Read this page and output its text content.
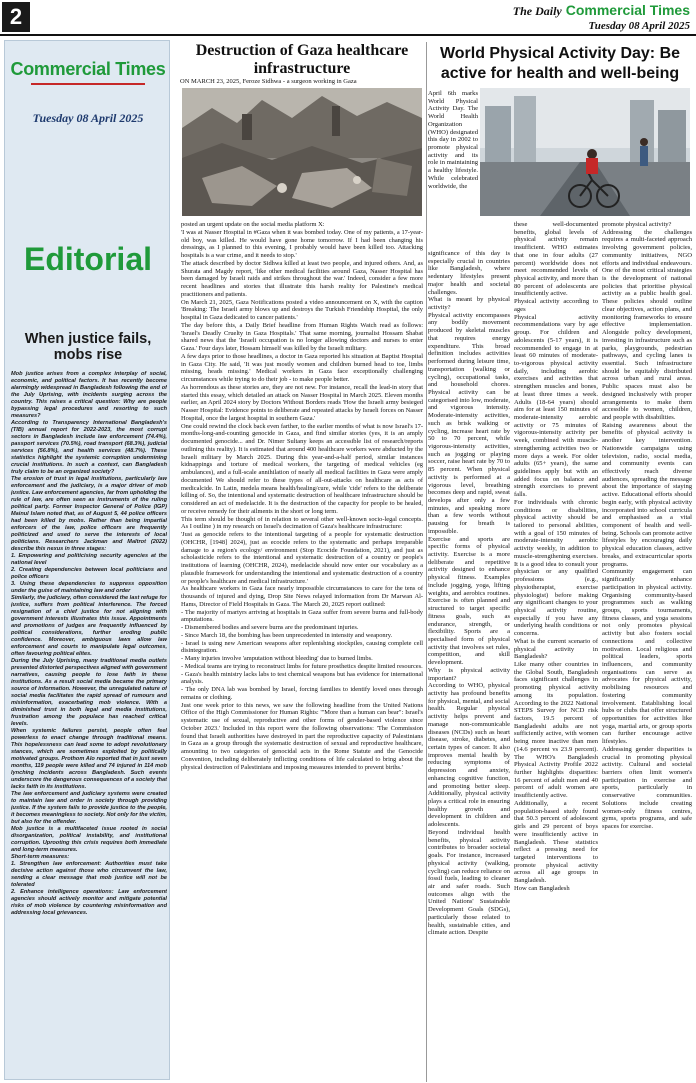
2	The Daily Commercial Times
Tuesday 08 April 2025
Commercial Times
Tuesday 08 April 2025
Editorial
When justice fails, mobs rise

Mob justice arises from a complex interplay of social, economic, and political factors. It has recently become alarmingly widespread in Bangladesh following the end of the July Uprising, with incidents surging across the country. This raises a critical question: Why are people bypassing legal procedures and resorting to such measures?

According to Transparency International Bangladesh's (TIB) annual report for 2022-2023, the most corrupt sectors in Bangladesh include law enforcement (74.4%), passport services (70.5%), road transport (68.3%), judicial services (56.8%), and health services (48.7%). These statistics highlight the systemic corruption undermining crucial institutions. In such a context, can Bangladesh truly claim to be an organized society?

The erosion of trust in legal institutions, particularly law enforcement and the judiciary, is a major driver of mob justice. Law enforcement agencies, far from upholding the rule of law, are often seen as instruments of the ruling political party. Former Inspector General of Police (IGP) Mainul Islam noted that, as of August 5, 44 police officers had been killed by mobs. Rather than being impartial enforcers of the law, police officers are frequently politicized and used to serve the interests of local politicians. Researchers Jackman and Maltrot (2022) describe this nexus in three stages:

1. Empowering and politicising security agencies at the national level

2. Creating dependencies between local politicians and police officers

3. Using these dependencies to suppress opposition under the guise of maintaining law and order

Similarly, the judiciary, often considered the last refuge for justice, suffers from political interference. The forced resignation of a chief justice for not aligning with government interests illustrates this issue. Appointments and promotions of judges are frequently influenced by political considerations, further eroding public confidence. Moreover, ambiguous laws allow law enforcement and courts to manipulate legal outcomes, often favouring political elites.

During the July Uprising, many traditional media outlets presented distorted perspectives aligned with government narratives, causing people to lose faith in these institutions. As a result social media became the primary source of information. However, the unregulated nature of social media facilitates the rapid spread of rumours and misinformation, exacerbating mob violence. With a diminished trust in both legal and media institutions, frustration among the populace has reached critical levels.

When systemic failures persist, people often feel powerless to enact change through traditional means. This hopelessness can lead some to adopt revolutionary stances, which are sometimes exploited by politically motivated groups. Prothom Alo reported that in just seven months, 119 people were killed and 74 injured in 114 mob lynching incidents across Bangladesh. Such events underscore the dangerous consequences of a society that lacks faith in its institutions.

The law enforcement and judiciary systems were created to maintain law and order in society through providing justice. If the system fails to provide justice to the people, it becomes meaningless to society. Not only for the victim, but also for the offender.

Mob justice is a multifaceted issue rooted in social disorganization, political instability, and institutional corruption. Uprooting this crisis requires both immediate and long-term measures.

Short-term measures:

1. Strengthen law enforcement: Authorities must take decisive action against those who circumvent the law, sending a clear message that mob justice will not be tolerated

2. Enhance intelligence operations: Law enforcement agencies should actively monitor and mitigate potential risks of mob violence by countering misinformation and addressing local grievances.

Destruction of Gaza healthcare infrastructure
ON MARCH 23, 2025, Feroze Sidhwa - a surgeon working in Gaza

posted an urgent update on the social media platform X:

'I was at Nasser Hospital in #Gaza when it was bombed today. One of my patients, a 17-year-old boy, was killed. He would have gone home tomorrow. If I had been changing his dressings, as I planned to this evening, I probably would have been killed too. Attacking hospitals is a war crime, and it needs to stop.'

The attack described by doctor Sidhwa killed at least two people, and injured others. And, as Shurata and Magdy report, 'like other medical facilities around Gaza, Nasser Hospital has been damaged by Israeli raids and strikes throughout the war.' Indeed, consider a few more recent headlines and stories that illustrate this harsh reality for Palestine's medical practitioners and patients.

On March 21, 2025, Gaza Notifications posted a video announcement on X, with the caption 'Breaking: The Israeli army blows up and destroys the Turkish Friendship Hospital, the only hospital in Gaza dedicated to cancer patients.'

The day before this, a Daily Brief headline from Human Rights Watch read as follows: 'Israel's Deadly Cruelty in Gaza Hospitals.' That same morning, journalist Hossam Shabat shared news that the 'Israeli occupation is no longer allowing doctors and nurses to enter Gaza.' Four days later, Hossam himself was killed by the Israeli military.

A few days prior to those headlines, a doctor in Gaza reported his situation at Baptist Hospital in Gaza City. He said, 'It was just mostly women and children burned head to toe, limbs missing, heads missing.' Medical workers in Gaza face exceptionally challenging circumstances while trying to do their job - to make people better.

As horrendous as these stories are, they are not new. For instance, recall the lead-in story that started this essay, which detailed an attack on Nasser Hospital in March 2025. Eleven months earlier, an April 2024 story by Doctors Without Borders reads 'How the Israeli army besieged Nasser Hospital: Evidence points to deliberate and repeated attacks by Israeli forces on Nasser Hospital, once the largest hospital in southern Gaza.'

One could rewind the clock back even farther, to the earlier months of what is now Israel's 17-months-long-and-counting genocide in Gaza, and find similar stories (yes, it is an amply documented genocide... and Dr. Nimer Sultany keeps an accessible list of research/reports outlining this reality). It is estimated that around 400 healthcare workers were abducted by the Israeli military by March 2025. During this year-and-a-half period, similar instances kidnappings and torture of medical workers, the targeting of medical vehicles (eg ambulances), and a full-scale annihilation of nearly all medical facilities in Gaza were amply documented We should refer to these types of all-out-attacks on healthcare as acts of medicalcide. In Latin, medela means health/healing/cure, while 'cide' refers to the deliberate killing of. So, the intentional and systematic destruction of healthcare infrastructure should be considered an act of medelacide. It is the destruction of the capacity for people to be healed, or receive remedy for their ailments in the short or long term.

This term should be thought of in relation to several other well-known socio-legal concepts. As I outline ) in my research on Israel's decimation of Gaza's healthcare infrastructure:

'Just as genocide refers to the intentional targeting of a people for systematic destruction (OHCHR, [1948] 2024), just as ecocide refers to the systematic and perhaps irreparable damage to a region's ecology/ environment (Stop Ecocide Foundation, 2021), and just as scholasticide refers to the intentional and systematic destruction of a country or people's institutions of learning (OHCHR, 2024), medelacide should now enter our vocabulary as a plausible framework for understanding the intentional and systematic destruction of a country or people's healthcare and medical infrastructure.'

As healthcare workers in Gaza face nearly impossible circumstances to care for the tens of thousands of injured and dying, Drop Site News relayed information from Dr Marwan Al-Hams, Director of Field Hospitals in Gaza. The March 20, 2025 report outlined:

- The majority of martyrs arriving at hospitals in Gaza suffer from severe burns and full-body amputations.

- Dismembered bodies and severe burns are the predominant injuries.

- Since March 18, the bombing has been unprecedented in intensity and weaponry.

- Israel is using new American weapons after replenishing stockpiles, causing complete cell disintegration.

- Many injuries involve 'amputation without bleeding' due to burned limbs.

- Medical teams are trying to reconstruct limbs for future prosthetics despite limited resources.

- Gaza's health ministry lacks labs to test chemical weapons but has evidence for international analysis.

- The only DNA lab was bombed by Israel, forcing families to identify loved ones through remains or clothing.

Just one week prior to this news, we saw the following headline from the United Nations Office of the High Commissioner for Human Rights: '"More than a human can bear": Israel's systematic use of sexual, reproductive and other forms of gender-based violence since October 2023.' Included in this report were the following observations: 'The Commission found that Israeli authorities have destroyed in part the reproductive capacity of Palestinians in Gaza as a group through the systematic destruction of sexual and reproductive healthcare, amounting to two categories of genocidal acts in the Rome Statute and the Genocide Convention, including deliberately inflicting conditions of life calculated to bring about the physical destruction of Palestinians and imposing measures intended to prevent births.'

World Physical Activity Day: Be active for health and well-being

April 6th marks World Physical Activity Day. The World Health Organization (WHO) designated this day in 2002 to promote physical activity and its role in maintaining a healthy lifestyle. While celebrated worldwide, the

significance of this day is especially crucial in countries like Bangladesh, where sedentary lifestyles present major health and societal challenges.

What is meant by physical activity?

Physical activity encompasses any bodily movement produced by skeletal muscles that requires energy expenditure. This broad definition includes activities performed during leisure time, transportation (walking or cycling), occupational tasks, and household chores. Physical activity can be categorised into low, moderate, and vigorous intensity. Moderate-intensity activities, such as brisk walking or cycling, increase heart rate by 50 to 70 percent, while vigorous-intensity activities, such as jogging or playing soccer, raise heart rate by 70 to 85 percent. When physical activity is performed at a vigorous level, breathing becomes deep and rapid, sweat develops after only a few minutes, and speaking more than a few words without pausing for breath is impossible.

Exercise and sports are specific forms of physical activity. Exercise is a more deliberate and repetitive activity designed to enhance physical fitness. Examples include jogging, yoga, lifting weights, and aerobics routines. Exercise is often planned and structured to target specific fitness goals, such as endurance, strength, or flexibility. Sports are a specialised form of physical activity that involves set rules, competition, and skill development.

Why is physical activity important?

According to WHO, physical activity has profound benefits for physical, mental, and social health. Regular physical activity helps prevent and manage non-communicable diseases (NCDs) such as heart disease, stroke, diabetes, and certain types of cancer. It also improves mental health by reducing symptoms of depression and anxiety, enhancing cognitive function, and promoting better sleep. Additionally, physical activity plays a critical role in ensuring healthy growth and development in children and adolescents.

Beyond individual health benefits, physical activity contributes to broader societal goals. For instance, increased physical activity (walking, cycling) can reduce reliance on fossil fuels, leading to cleaner air and safer roads. Such outcomes align with the United Nations' Sustainable Development Goals (SDGs), particularly those related to health, sustainable cities, and climate action. Despite

these well-documented benefits, global levels of physical activity remain insufficient. WHO estimates that one in four adults (27 percent) worldwide does not meet recommended levels of physical activity, and more than 80 percent of adolescents are insufficiently active.

Physical activity according to ages

Physical activity recommendations vary by age group. For children and adolescents (5-17 years), it is recommended to engage in at least 60 minutes of moderate-to-vigorous physical activity daily, including aerobic exercises and activities that strengthen muscles and bones, at least three times a week. Adults (18-64 years) should aim for at least 150 minutes of moderate-intensity aerobic activity or 75 minutes of vigorous-intensity activity per week, combined with muscle-strengthening activities two or more days a week. For older adults (65+ years), the same guidelines apply but with an added focus on balance and strength exercises to prevent falls.

For individuals with chronic conditions or disabilities, physical activity should be tailored to personal abilities, with a goal of 150 minutes of moderate-intensity aerobic activity weekly, in addition to muscle-strengthening exercises. It is a good idea to consult your physician or any qualified professions (e.g., physiotherapist, exercise physiologist) before making any significant changes to your physical activity routine, especially if you have any underlying health conditions or concerns.

What is the current scenario of physical activity in Bangladesh?

Like many other countries in the Global South, Bangladesh faces significant challenges in promoting physical activity among its population. According to the 2022 National STEPS Survey for NCD risk factors, 19.5 percent of Bangladeshi adults are not sufficiently active, with women being more inactive than men (14.6 percent vs 23.9 percent). The WHO's Bangladesh Physical Activity Profile 2022 further highlights disparities: 16 percent of adult men and 40 percent of adult women are insufficiently active.

Additionally, a recent population-based study found that 50.3 percent of adolescent girls and 29 percent of boys were insufficiently active in Bangladesh. These statistics reflect a pressing need for targeted interventions to promote physical activity across all age groups in Bangladesh.

How can Bangladesh

promote physical activity?

Addressing the challenges requires a multi-faceted approach involving government policies, community initiatives, NGO efforts and individual endeavours. One of the most critical strategies is the development of national policies that prioritise physical activity as a public health goal. These policies should outline clear objectives, action plans, and monitoring frameworks to ensure effective implementation. Alongside policy development, investing in infrastructure such as parks, playgrounds, pedestrian pathways, and cycling lanes is essential. Such infrastructure should be equitably distributed across urban and rural areas. Public spaces must also be designed inclusively with proper arrangements to make them accessible to women, children, and people with disabilities.

Raising awareness about the benefits of physical activity is another key intervention. Nationwide campaigns using television, radio, social media, and community events can effectively reach diverse audiences, spreading the message about the importance of staying active. Educational efforts should begin early, with physical activity incorporated into school curricula and emphasised as a vital component of health and well-being. Schools can promote active lifestyles by encouraging daily physical education classes, active breaks, and extracurricular sports programs.

Community engagement can significantly enhance participation in physical activity. Organising community-based programmes such as walking groups, sports tournaments, fitness classes, and yoga sessions not only promotes physical activity but also fosters social connections and collective motivation. Local religious and political leaders, sports influencers, and community organisations can serve as advocates for physical activity, mobilising resources and fostering community involvement. Establishing local hubs or clubs that offer structured opportunities for activities like yoga, martial arts, or group sports can further encourage active lifestyles.

Addressing gender disparities is crucial in promoting physical activity. Cultural and societal barriers often limit women's participation in exercise and sports, particularly in conservative communities. Solutions include creating women-only fitness centres, gyms, sports programs, and safe spaces for exercise.
